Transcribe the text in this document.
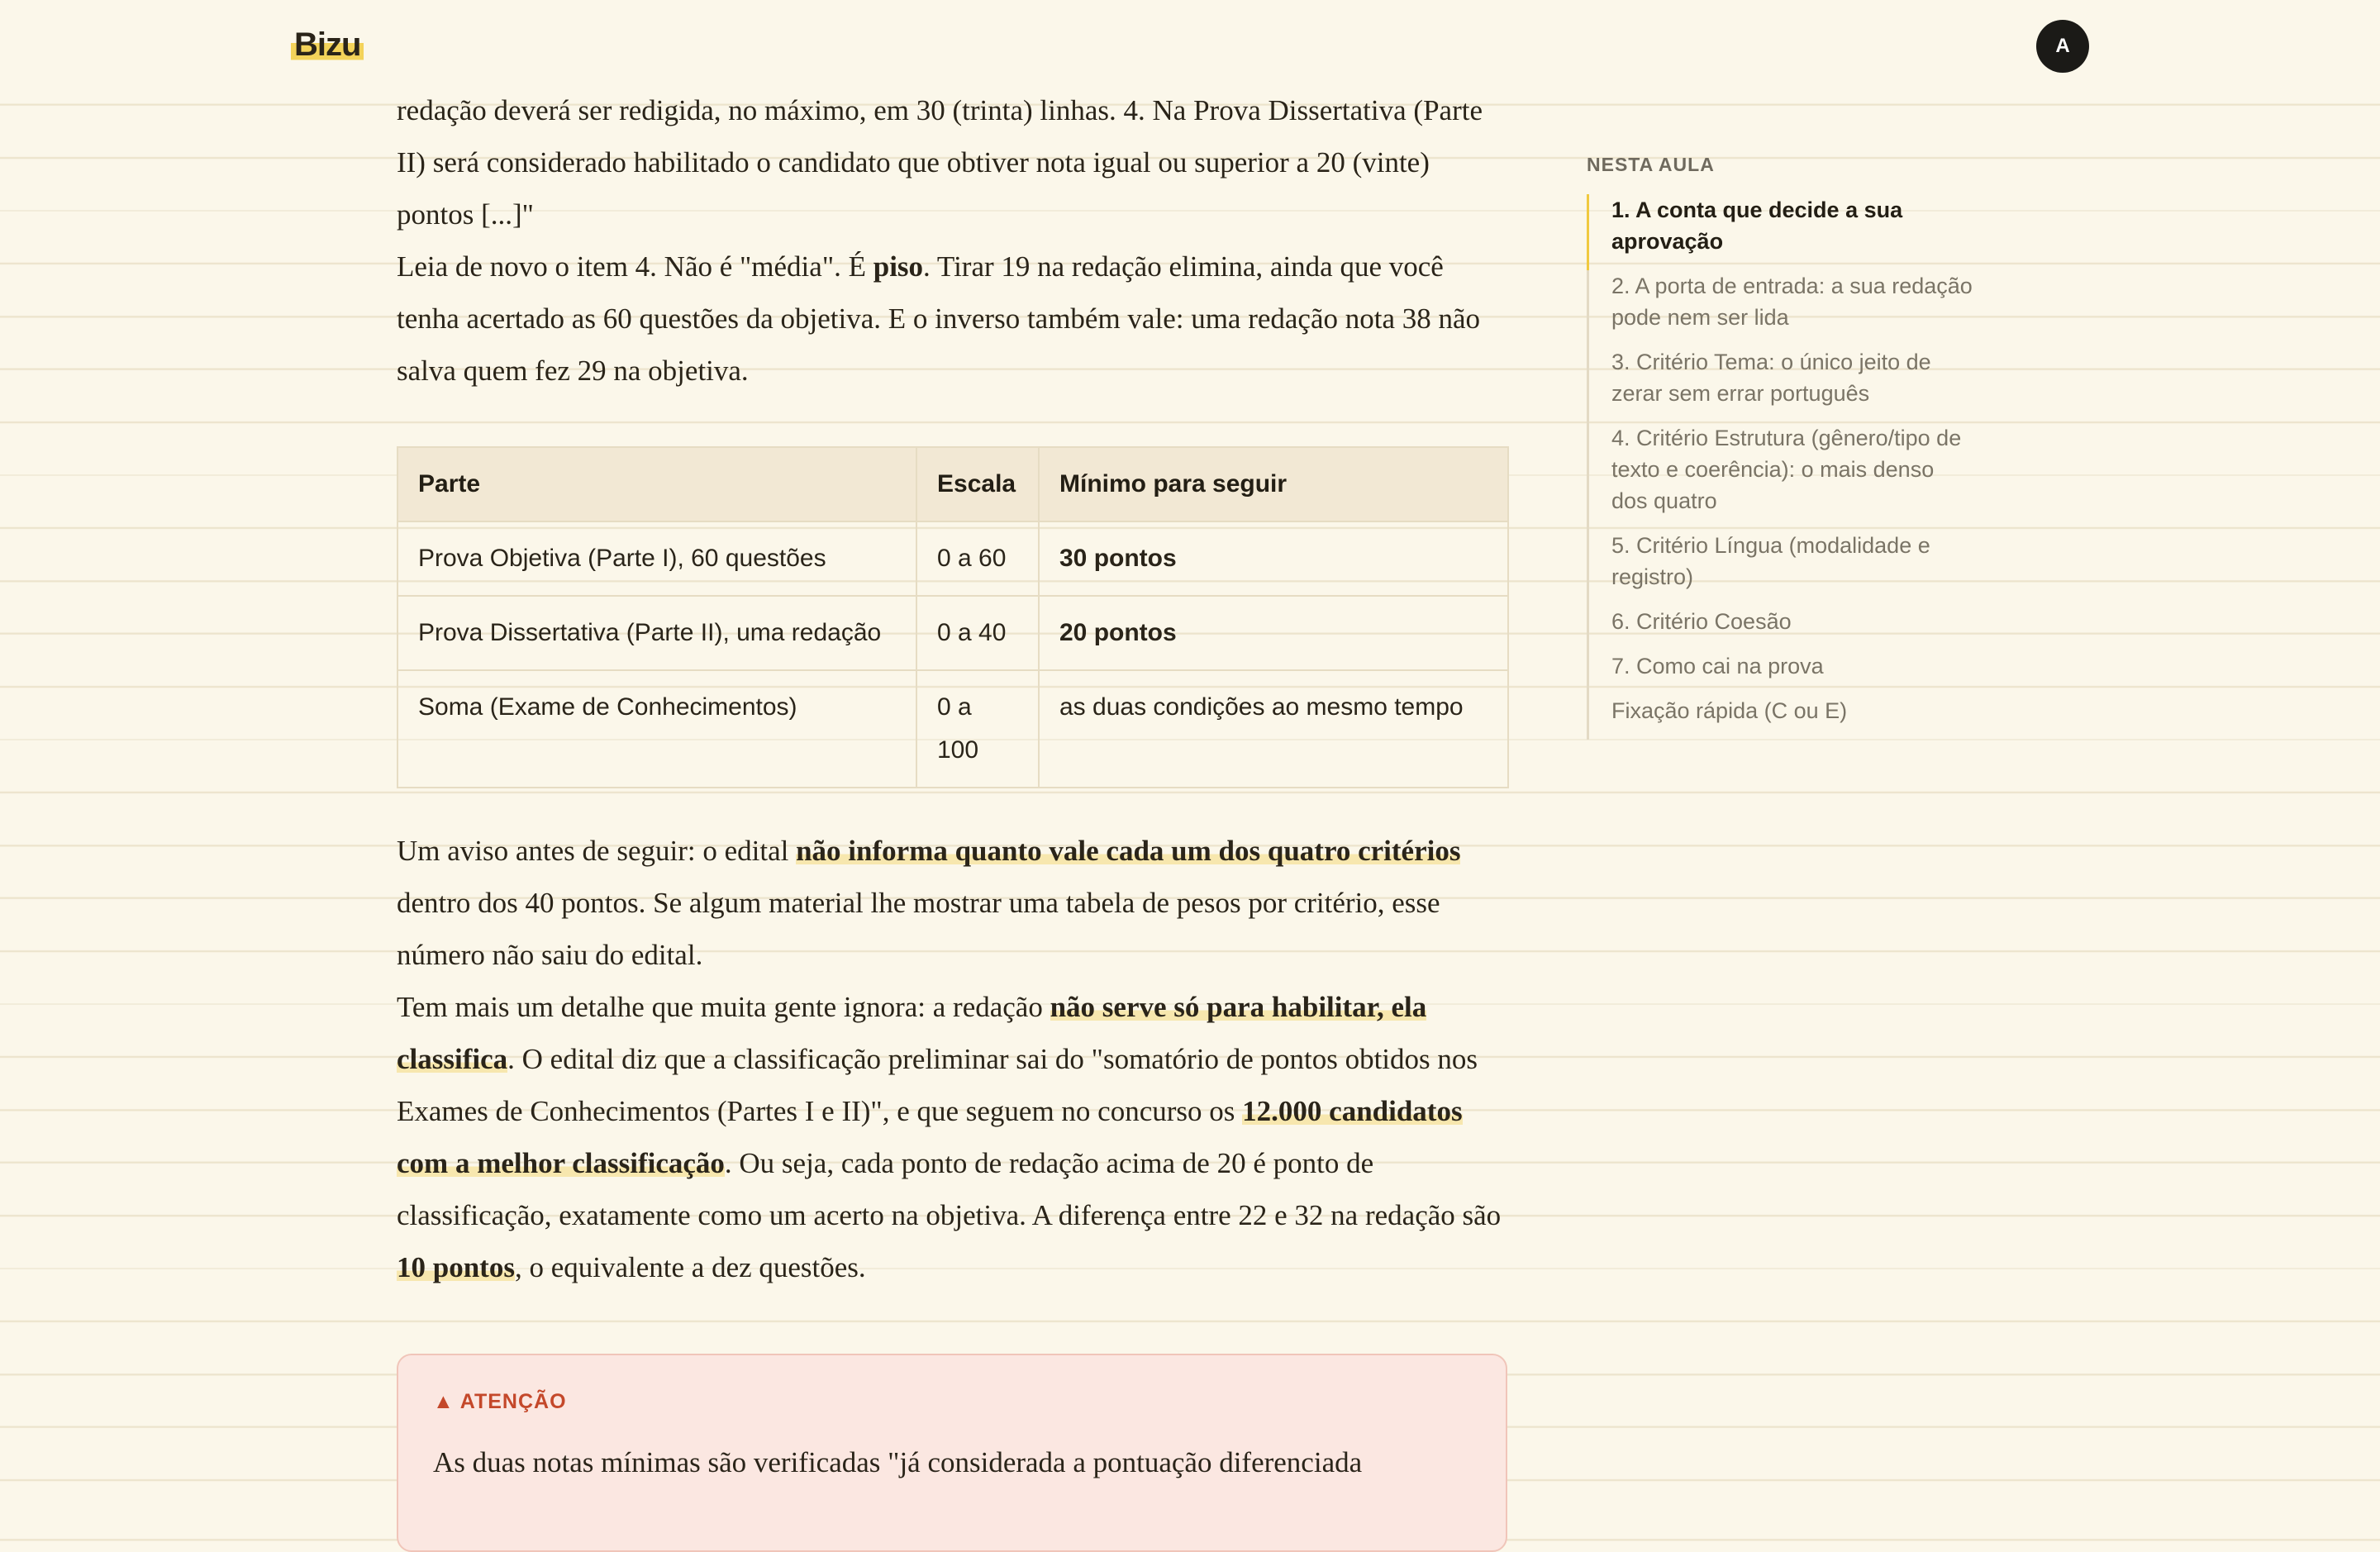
Bizu	A

redação deverá ser redigida, no máximo, em 30 (trinta) linhas. 4. Na Prova Dissertativa (Parte II) será considerado habilitado o candidato que obtiver nota igual ou superior a 20 (vinte) pontos [...]"

Leia de novo o item 4. Não é "média". É piso. Tirar 19 na redação elimina, ainda que você tenha acertado as 60 questões da objetiva. E o inverso também vale: uma redação nota 38 não salva quem fez 29 na objetiva.

Parte	Escala	Mínimo para seguir
Prova Objetiva (Parte I), 60 questões	0 a 60	30 pontos
Prova Dissertativa (Parte II), uma redação	0 a 40	20 pontos
Soma (Exame de Conhecimentos)	0 a 100	as duas condições ao mesmo tempo

Um aviso antes de seguir: o edital não informa quanto vale cada um dos quatro critérios dentro dos 40 pontos. Se algum material lhe mostrar uma tabela de pesos por critério, esse número não saiu do edital.

Tem mais um detalhe que muita gente ignora: a redação não serve só para habilitar, ela classifica. O edital diz que a classificação preliminar sai do "somatório de pontos obtidos nos Exames de Conhecimentos (Partes I e II)", e que seguem no concurso os 12.000 candidatos com a melhor classificação. Ou seja, cada ponto de redação acima de 20 é ponto de classificação, exatamente como um acerto na objetiva. A diferença entre 22 e 32 na redação são 10 pontos, o equivalente a dez questões.

▲ ATENÇÃO
As duas notas mínimas são verificadas "já considerada a pontuação diferenciada
NESTA AULA
1. A conta que decide a sua aprovação
2. A porta de entrada: a sua redação pode nem ser lida
3. Critério Tema: o único jeito de zerar sem errar português
4. Critério Estrutura (gênero/tipo de texto e coerência): o mais denso dos quatro
5. Critério Língua (modalidade e registro)
6. Critério Coesão
7. Como cai na prova
Fixação rápida (C ou E)
